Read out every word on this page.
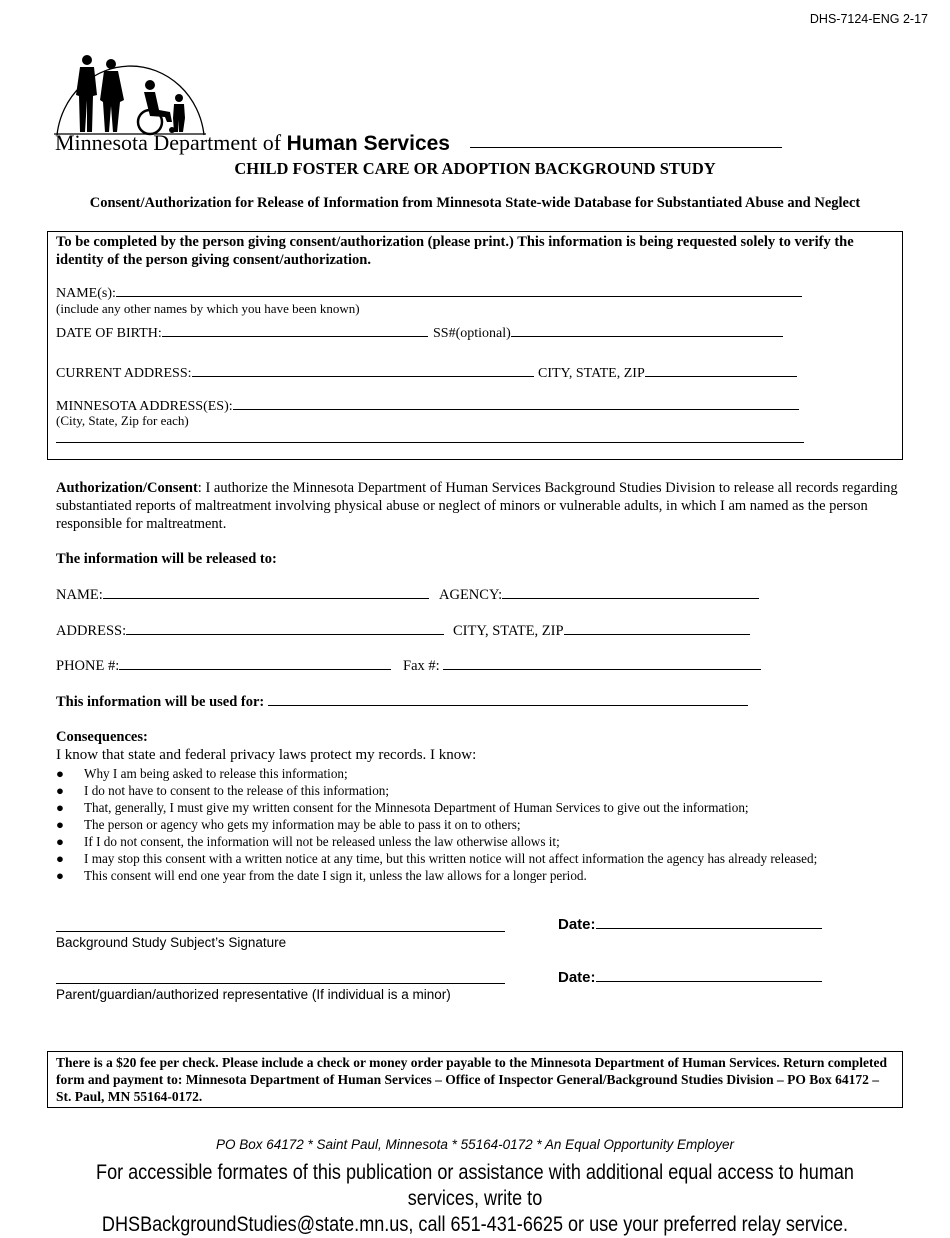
DHS-7124-ENG 2-17
Minnesota Department of Human Services
CHILD FOSTER CARE OR ADOPTION BACKGROUND STUDY
Consent/Authorization for Release of Information from Minnesota State-wide Database for Substantiated Abuse and Neglect
To be completed by the person giving consent/authorization (please print.) This information is being requested solely to verify the identity of the person giving consent/authorization.
NAME(s):
(include any other names by which you have been known)
DATE OF BIRTH:	SS#(optional)
CURRENT ADDRESS:	CITY, STATE, ZIP
MINNESOTA ADDRESS(ES):
(City, State, Zip for each)
Authorization/Consent: I authorize the Minnesota Department of Human Services Background Studies Division to release all records regarding substantiated reports of maltreatment involving physical abuse or neglect of minors or vulnerable adults, in which I am named as the person responsible for maltreatment.
The information will be released to:
NAME:	AGENCY:
ADDRESS:	CITY, STATE, ZIP
PHONE #:	Fax #:
This information will be used for:
Consequences:
I know that state and federal privacy laws protect my records. I know:
● Why I am being asked to release this information;
● I do not have to consent to the release of this information;
● That, generally, I must give my written consent for the Minnesota Department of Human Services to give out the information;
● The person or agency who gets my information may be able to pass it on to others;
● If I do not consent, the information will not be released unless the law otherwise allows it;
● I may stop this consent with a written notice at any time, but this written notice will not affect information the agency has already released;
● This consent will end one year from the date I sign it, unless the law allows for a longer period.
Background Study Subject’s Signature
Date:
Parent/guardian/authorized representative (If individual is a minor)
Date:
There is a $20 fee per check. Please include a check or money order payable to the Minnesota Department of Human Services. Return completed form and payment to: Minnesota Department of Human Services – Office of Inspector General/Background Studies Division – PO Box 64172 – St. Paul, MN 55164-0172.
PO Box 64172 * Saint Paul, Minnesota * 55164-0172 * An Equal Opportunity Employer
For accessible formates of this publication or assistance with additional equal access to human services, write to
DHSBackgroundStudies@state.mn.us, call 651-431-6625 or use your preferred relay service.
